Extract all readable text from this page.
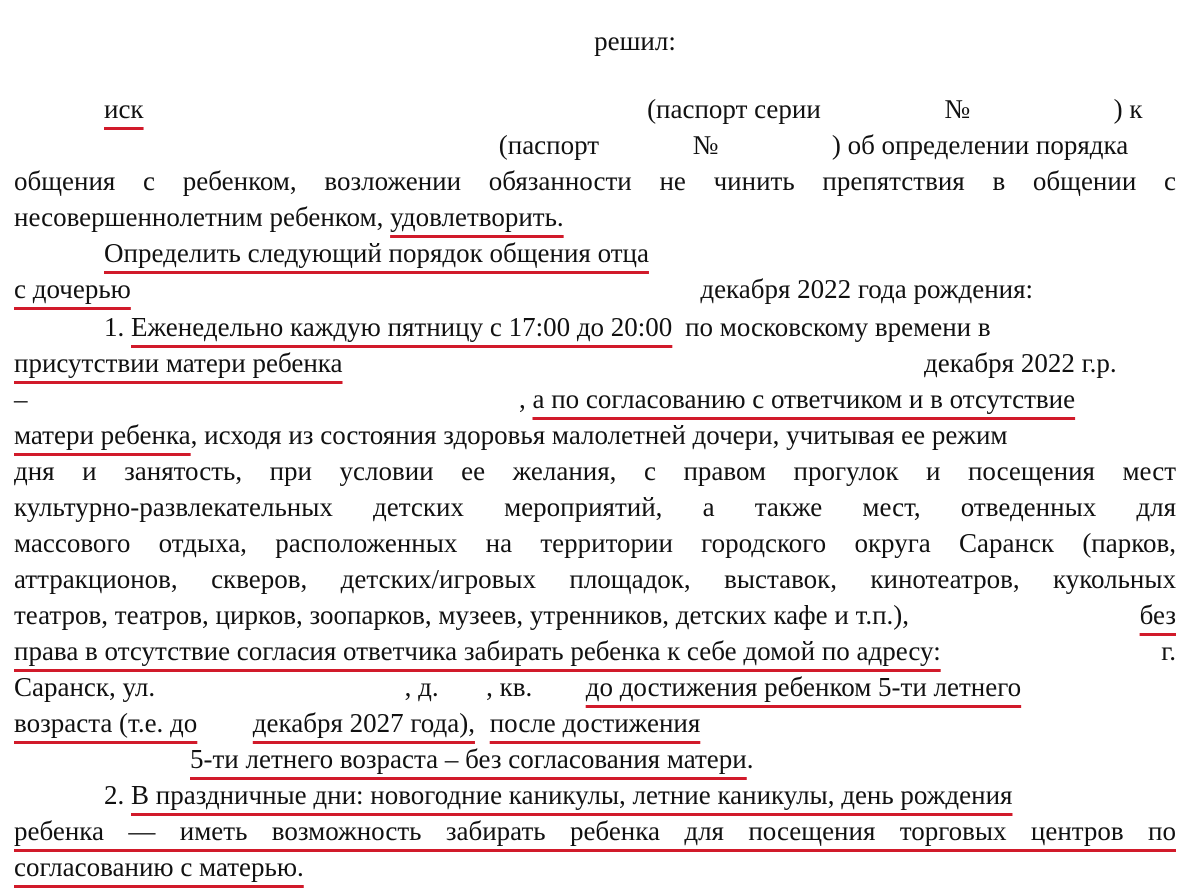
решил:
иск	(паспорт серии	№	) к
(паспорт	№	) об определении порядка
общения с ребенком, возложении обязанности не чинить препятствия в общении с
несовершеннолетним ребенком, удовлетворить.
Определить следующий порядок общения отца
с дочерью	декабря 2022 года рождения:
1. Еженедельно каждую пятницу с 17:00 до 20:00 по московскому времени в
присутствии матери ребенка	декабря 2022 г.р.
–	, а по согласованию с ответчиком и в отсутствие
матери ребенка, исходя из состояния здоровья малолетней дочери, учитывая ее режим
дня и занятость, при условии ее желания, с правом прогулок и посещения мест
культурно-развлекательных детских мероприятий, а также мест, отведенных для
массового отдыха, расположенных на территории городского округа Саранск (парков,
аттракционов, скверов, детских/игровых площадок, выставок, кинотеатров, кукольных
театров, театров, цирков, зоопарков, музеев, утренников, детских кафе и т.п.),	без
права в отсутствие согласия ответчика забирать ребенка к себе домой по адресу:	г.
Саранск, ул.	, д. , кв. до достижения ребенком 5-ти летнего
возраста (т.е. до декабря 2027 года), после достижения
5-ти летнего возраста – без согласования матери.
2. В праздничные дни: новогодние каникулы, летние каникулы, день рождения
ребенка — иметь возможность забирать ребенка для посещения торговых центров по
согласованию с матерью.
